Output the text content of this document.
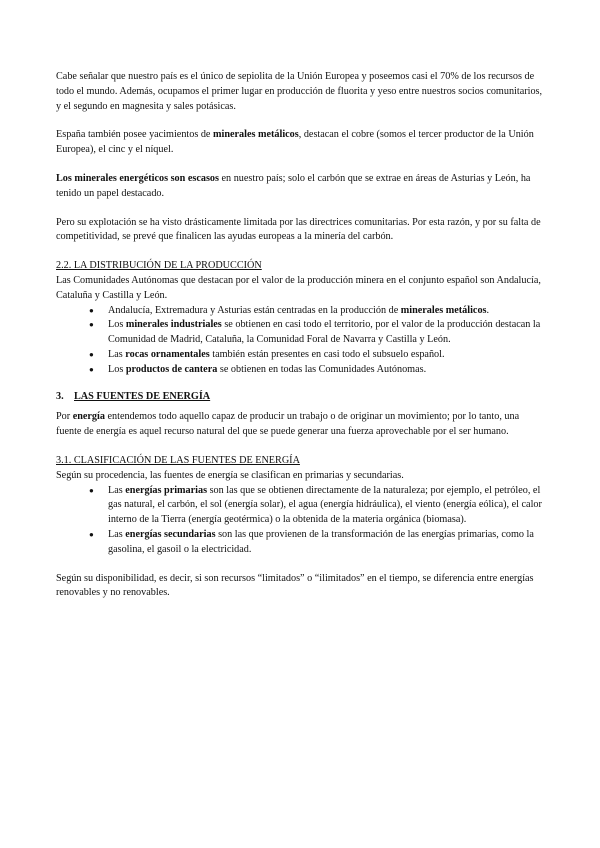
Cabe señalar que nuestro país es el único de sepiolita de la Unión Europea y poseemos casi el 70% de los recursos de todo el mundo. Además, ocupamos el primer lugar en producción de fluorita y yeso entre nuestros socios comunitarios, y el segundo en magnesita y sales potásicas.

España también posee yacimientos de minerales metálicos, destacan el cobre (somos el tercer productor de la Unión Europea), el cinc y el níquel.

Los minerales energéticos son escasos en nuestro país; solo el carbón que se extrae en áreas de Asturias y León, ha tenido un papel destacado.

Pero su explotación se ha visto drásticamente limitada por las directrices comunitarias. Por esta razón, y por su falta de competitividad, se prevé que finalicen las ayudas europeas a la minería del carbón.

2.2. LA DISTRIBUCIÓN DE LA PRODUCCIÓN

Las Comunidades Autónomas que destacan por el valor de la producción minera en el conjunto español son Andalucía, Cataluña y Castilla y León.

● Andalucía, Extremadura y Asturias están centradas en la producción de minerales metálicos.
● Los minerales industriales se obtienen en casi todo el territorio, por el valor de la producción destacan la Comunidad de Madrid, Cataluña, la Comunidad Foral de Navarra y Castilla y León.
● Las rocas ornamentales también están presentes en casi todo el subsuelo español.
● Los productos de cantera se obtienen en todas las Comunidades Autónomas.
3.	LAS FUENTES DE ENERGÍA

Por energía entendemos todo aquello capaz de producir un trabajo o de originar un movimiento; por lo tanto, una fuente de energía es aquel recurso natural del que se puede generar una fuerza aprovechable por el ser humano.

3.1. CLASIFICACIÓN DE LAS FUENTES DE ENERGÍA

Según su procedencia, las fuentes de energía se clasifican en primarias y secundarias.

● Las energías primarias son las que se obtienen directamente de la naturaleza; por ejemplo, el petróleo, el gas natural, el carbón, el sol (energía solar), el agua (energía hidráulica), el viento (energía eólica), el calor interno de la Tierra (energía geotérmica) o la obtenida de la materia orgánica (biomasa).
● Las energías secundarias son las que provienen de la transformación de las energías primarias, como la gasolina, el gasoil o la electricidad.

Según su disponibilidad, es decir, si son recursos “limitados” o “ilimitados” en el tiempo, se diferencia entre energías renovables y no renovables.
